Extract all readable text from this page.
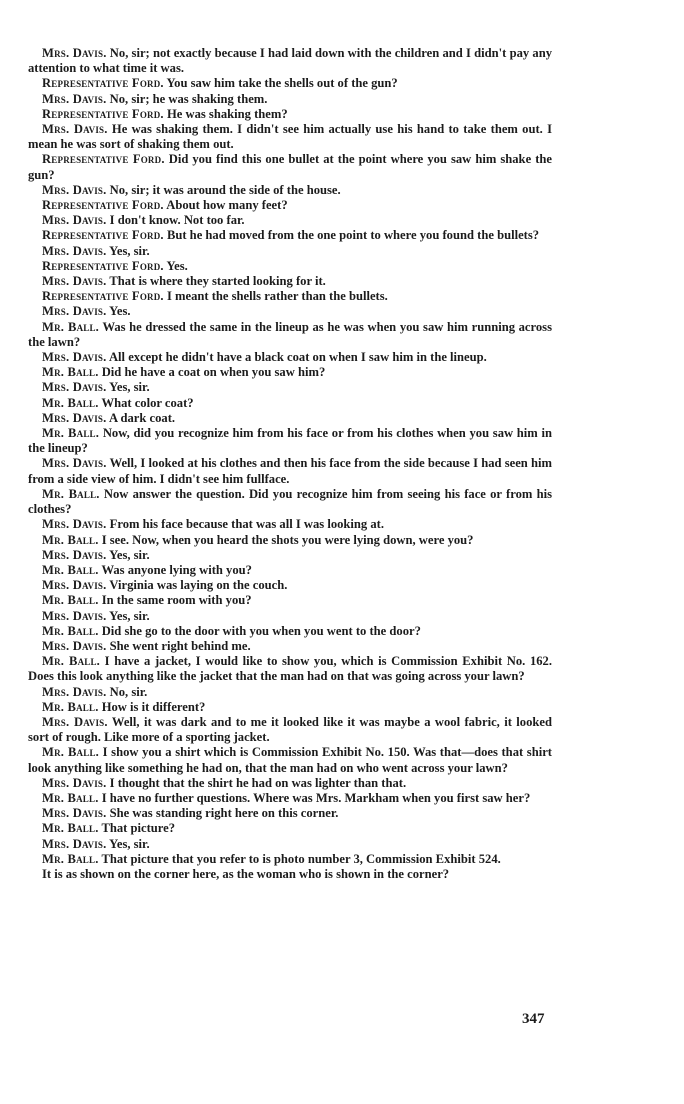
Mrs. Davis. No, sir; not exactly because I had laid down with the children and I didn't pay any attention to what time it was.

Representative Ford. You saw him take the shells out of the gun?

Mrs. Davis. No, sir; he was shaking them.

Representative Ford. He was shaking them?

Mrs. Davis. He was shaking them. I didn't see him actually use his hand to take them out. I mean he was sort of shaking them out.

Representative Ford. Did you find this one bullet at the point where you saw him shake the gun?

Mrs. Davis. No, sir; it was around the side of the house.

Representative Ford. About how many feet?

Mrs. Davis. I don't know. Not too far.

Representative Ford. But he had moved from the one point to where you found the bullets?

Mrs. Davis. Yes, sir.

Representative Ford. Yes.

Mrs. Davis. That is where they started looking for it.

Representative Ford. I meant the shells rather than the bullets.

Mrs. Davis. Yes.

Mr. Ball. Was he dressed the same in the lineup as he was when you saw him running across the lawn?

Mrs. Davis. All except he didn't have a black coat on when I saw him in the lineup.

Mr. Ball. Did he have a coat on when you saw him?

Mrs. Davis. Yes, sir.

Mr. Ball. What color coat?

Mrs. Davis. A dark coat.

Mr. Ball. Now, did you recognize him from his face or from his clothes when you saw him in the lineup?

Mrs. Davis. Well, I looked at his clothes and then his face from the side because I had seen him from a side view of him. I didn't see him fullface.

Mr. Ball. Now answer the question. Did you recognize him from seeing his face or from his clothes?

Mrs. Davis. From his face because that was all I was looking at.

Mr. Ball. I see. Now, when you heard the shots you were lying down, were you?

Mrs. Davis. Yes, sir.

Mr. Ball. Was anyone lying with you?

Mrs. Davis. Virginia was laying on the couch.

Mr. Ball. In the same room with you?

Mrs. Davis. Yes, sir.

Mr. Ball. Did she go to the door with you when you went to the door?

Mrs. Davis. She went right behind me.

Mr. Ball. I have a jacket, I would like to show you, which is Commission Exhibit No. 162. Does this look anything like the jacket that the man had on that was going across your lawn?

Mrs. Davis. No, sir.

Mr. Ball. How is it different?

Mrs. Davis. Well, it was dark and to me it looked like it was maybe a wool fabric, it looked sort of rough. Like more of a sporting jacket.

Mr. Ball. I show you a shirt which is Commission Exhibit No. 150. Was that—does that shirt look anything like something he had on, that the man had on who went across your lawn?

Mrs. Davis. I thought that the shirt he had on was lighter than that.

Mr. Ball. I have no further questions. Where was Mrs. Markham when you first saw her?

Mrs. Davis. She was standing right here on this corner.

Mr. Ball. That picture?

Mrs. Davis. Yes, sir.

Mr. Ball. That picture that you refer to is photo number 3, Commission Exhibit 524.

It is as shown on the corner here, as the woman who is shown in the corner?

347
